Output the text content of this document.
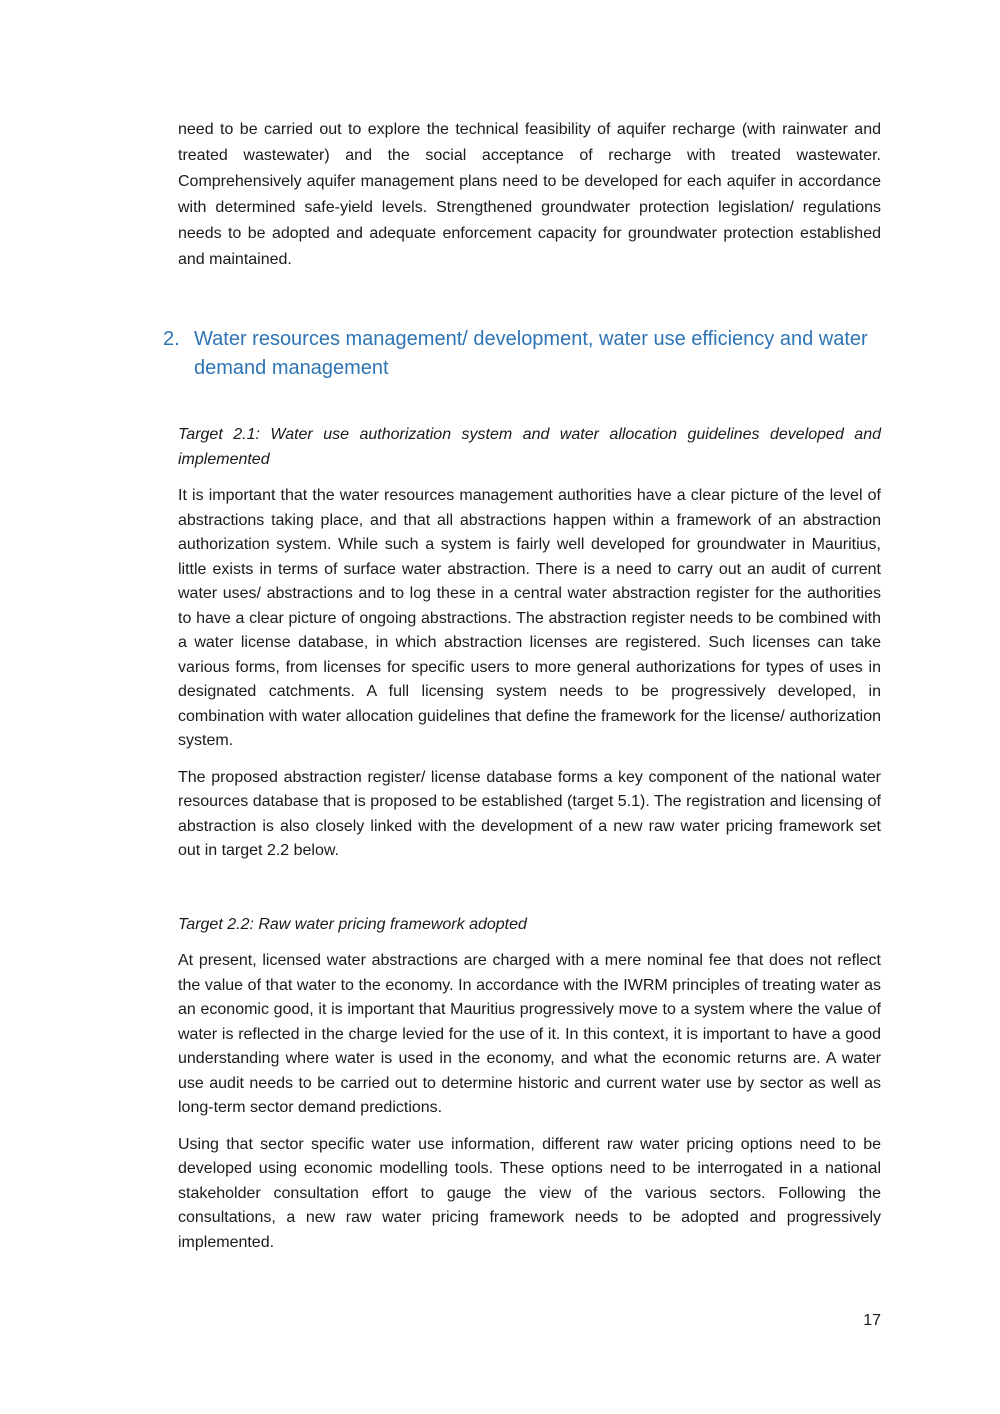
need to be carried out to explore the technical feasibility of aquifer recharge (with rainwater and treated wastewater) and the social acceptance of recharge with treated wastewater. Comprehensively aquifer management plans need to be developed for each aquifer in accordance with determined safe-yield levels. Strengthened groundwater protection legislation/ regulations needs to be adopted and adequate enforcement capacity for groundwater protection established and maintained.

2. Water resources management/ development, water use efficiency and water demand management

Target 2.1: Water use authorization system and water allocation guidelines developed and implemented

It is important that the water resources management authorities have a clear picture of the level of abstractions taking place, and that all abstractions happen within a framework of an abstraction authorization system. While such a system is fairly well developed for groundwater in Mauritius, little exists in terms of surface water abstraction. There is a need to carry out an audit of current water uses/ abstractions and to log these in a central water abstraction register for the authorities to have a clear picture of ongoing abstractions. The abstraction register needs to be combined with a water license database, in which abstraction licenses are registered. Such licenses can take various forms, from licenses for specific users to more general authorizations for types of uses in designated catchments. A full licensing system needs to be progressively developed, in combination with water allocation guidelines that define the framework for the license/ authorization system.

The proposed abstraction register/ license database forms a key component of the national water resources database that is proposed to be established (target 5.1). The registration and licensing of abstraction is also closely linked with the development of a new raw water pricing framework set out in target 2.2 below.

Target 2.2: Raw water pricing framework adopted

At present, licensed water abstractions are charged with a mere nominal fee that does not reflect the value of that water to the economy. In accordance with the IWRM principles of treating water as an economic good, it is important that Mauritius progressively move to a system where the value of water is reflected in the charge levied for the use of it. In this context, it is important to have a good understanding where water is used in the economy, and what the economic returns are. A water use audit needs to be carried out to determine historic and current water use by sector as well as long-term sector demand predictions.

Using that sector specific water use information, different raw water pricing options need to be developed using economic modelling tools. These options need to be interrogated in a national stakeholder consultation effort to gauge the view of the various sectors. Following the consultations, a new raw water pricing framework needs to be adopted and progressively implemented.

17
